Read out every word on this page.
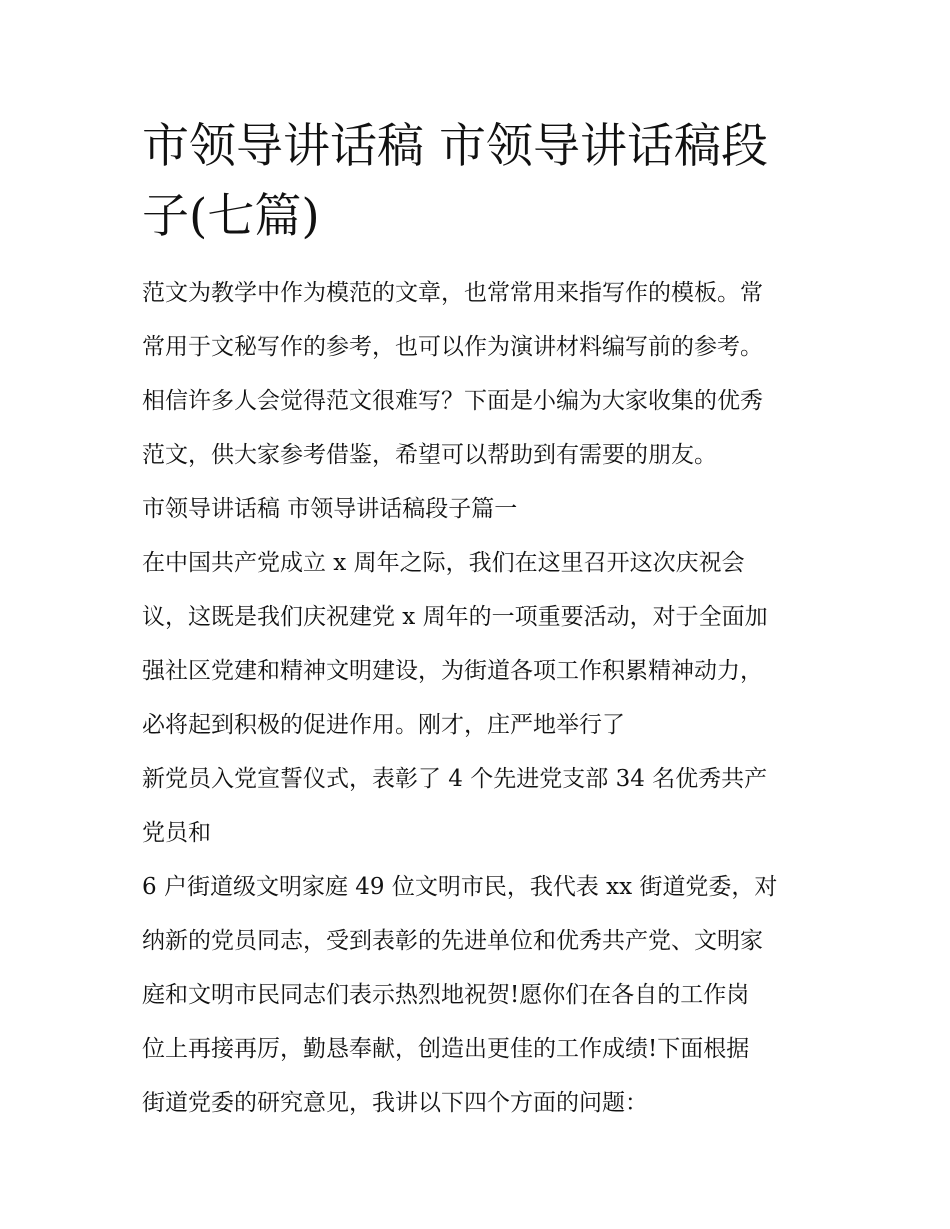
市领导讲话稿 市领导讲话稿段
子(七篇)
范文为教学中作为模范的文章，也常常用来指写作的模板。常
常用于文秘写作的参考，也可以作为演讲材料编写前的参考。
相信许多人会觉得范文很难写？下面是小编为大家收集的优秀
范文，供大家参考借鉴，希望可以帮助到有需要的朋友。
市领导讲话稿 市领导讲话稿段子篇一
在中国共产党成立 x 周年之际，我们在这里召开这次庆祝会
议，这既是我们庆祝建党 x 周年的一项重要活动，对于全面加
强社区党建和精神文明建设，为街道各项工作积累精神动力，
必将起到积极的促进作用。刚才，庄严地举行了
新党员入党宣誓仪式，表彰了 4 个先进党支部 34 名优秀共产
党员和
6 户街道级文明家庭 49 位文明市民，我代表 xx 街道党委，对
纳新的党员同志，受到表彰的先进单位和优秀共产党、文明家
庭和文明市民同志们表示热烈地祝贺!愿你们在各自的工作岗
位上再接再厉，勤恳奉献，创造出更佳的工作成绩!下面根据
街道党委的研究意见，我讲以下四个方面的问题：
